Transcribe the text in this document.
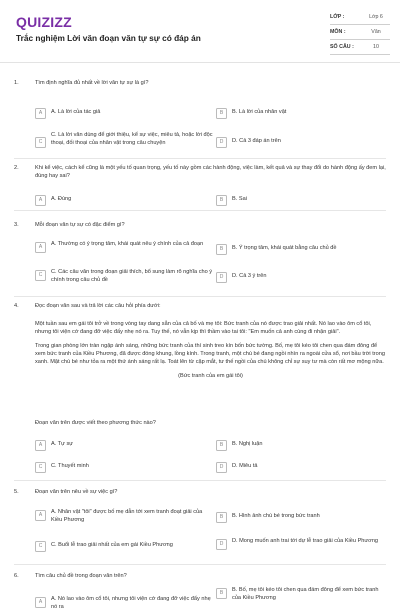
QUIZIZZ
Trắc nghiệm Lời văn đoạn văn tự sự có đáp án
LỚP :	Lớp 6
MÔN :	Văn
SỐ CÂU :	10
1.	Tìm định nghĩa đủ nhất về lời văn tự sự là gì?
A	A. Là lời của tác giả	B	B. Là lời của nhân vật
C
C. Là lời văn dùng để giới thiệu, kể sự việc, miêu tả, hoặc lời độc thoại, đối thoại của nhân vật trong câu chuyện	D	D. Cả 3 đáp án trên
2.	Khi kể việc, cách kể cũng là một yếu tố quan trọng, yếu tố này gồm các hành động, việc làm, kết quả và sự thay đổi do hành động ấy đem lại, đúng hay sai?
A	A. Đúng	B	B. Sai
3.	Mỗi đoạn văn tự sự có đặc điểm gì?
A	A. Thường có ý trọng tâm, khái quát nêu ý chính của cả đoạn
B	B. Ý trọng tâm, khái quát bằng câu chủ đề
C	C. Các câu văn trong đoạn giải thích, bổ sung làm rõ nghĩa cho ý chính trong câu chủ đề
D	D. Cả 3 ý trên
4.	Đọc đoạn văn sau và trả lời các câu hỏi phía dưới:

Một tuần sau em gái tôi trở về trong vòng tay dang sẵn của cả bố và mẹ tôi: Bức tranh của nó được trao giải nhất. Nó lao vào ôm cổ tôi, nhưng tôi viện cớ đang đỡ việc đấy nhẹ nó ra. Tuy thế, nó vẫn kịp thì thầm vào tai tôi: "Em muốn cả anh cùng đi nhận giải".

Trong gian phòng lớn tràn ngập ánh sáng, những bức tranh của thí sinh treo kín bốn bức tường. Bố, mẹ tôi kéo tôi chen qua đám đông để xem bức tranh của Kiều Phương, đã được đóng khung, lồng kính. Trong tranh, một chú bé đang ngồi nhìn ra ngoài cửa sổ, nơi bầu trời trong xanh. Mặt chú bé như tỏa ra một thứ ánh sáng rất lạ. Toát lên từ cặp mắt, tư thế ngồi của chú không chỉ sự suy tư mà còn rất mơ mộng nữa.

(Bức tranh của em gái tôi)

Đoạn văn trên được viết theo phương thức nào?
A	A. Tự sự	B	B. Nghị luận
C	C. Thuyết minh	D	D. Miêu tả
5.	Đoạn văn trên nêu về sự việc gì?
A	A. Nhân vật "tôi" được bố mẹ dẫn tới xem tranh đoạt giải của Kiều Phương
B	B. Hình ảnh chú bé trong bức tranh
C	C. Buổi lễ trao giải nhất của em gái Kiều Phương	D	D. Mong muốn anh trai tới dự lễ trao giải của Kiều Phương
6.	Tìm câu chủ đề trong đoạn văn trên?
A	A. Nó lao vào ôm cổ tôi, nhưng tôi viện cớ đang đỡ việc đẩy nhẹ nó ra
B	B. Bố, mẹ tôi kéo tôi chen qua đám đông để xem bức tranh của Kiều Phương
